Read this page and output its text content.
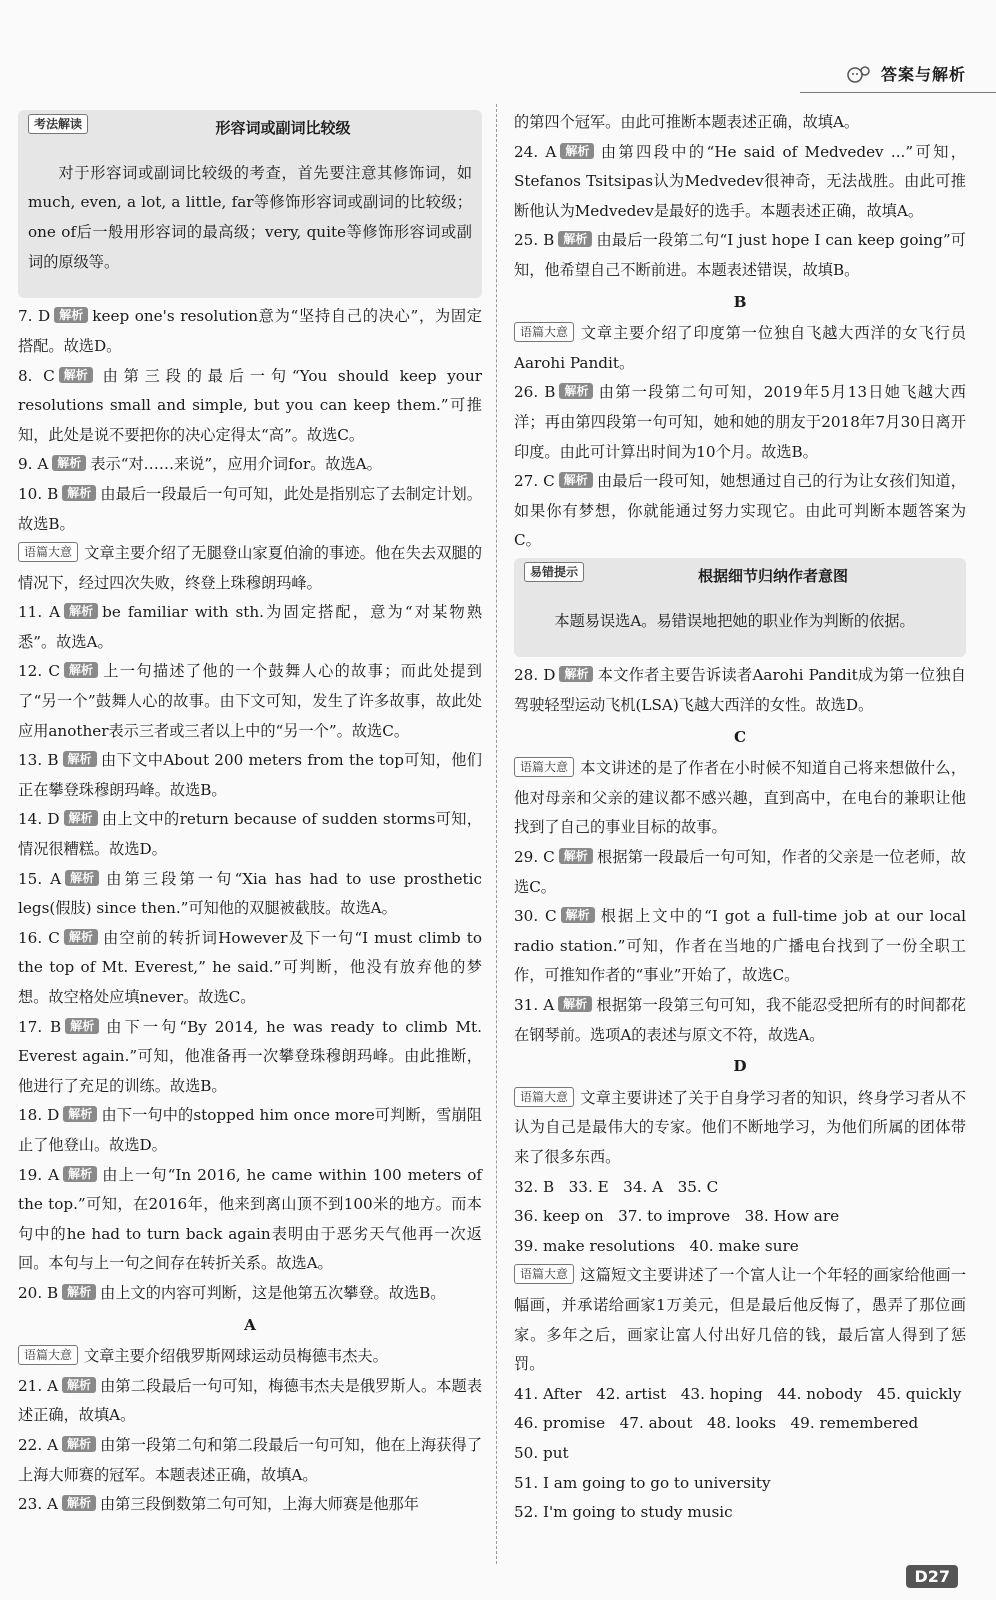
答案与解析
考法解读	形容词或副词比较级

对于形容词或副词比较级的考查，首先要注意其修饰词，如much, even, a lot, a little, far等修饰形容词或副词的比较级；one of后一般用形容词的最高级；very, quite等修饰形容词或副词的原级等。

7. D 解析 keep one's resolution意为“坚持自己的决心”，为固定搭配。故选D。

8. C 解析 由第三段的最后一句“You should keep your resolutions small and simple, but you can keep them.”可推知，此处是说不要把你的决心定得太“高”。故选C。

9. A 解析 表示“对……来说”，应用介词for。故选A。

10. B 解析 由最后一段最后一句可知，此处是指别忘了去制定计划。故选B。

语篇大意 文章主要介绍了无腿登山家夏伯渝的事迹。他在失去双腿的情况下，经过四次失败，终登上珠穆朗玛峰。

11. A 解析 be familiar with sth.为固定搭配，意为“对某物熟悉”。故选A。

12. C 解析 上一句描述了他的一个鼓舞人心的故事；而此处提到了“另一个”鼓舞人心的故事。由下文可知，发生了许多故事，故此处应用another表示三者或三者以上中的“另一个”。故选C。

13. B 解析 由下文中About 200 meters from the top可知，他们正在攀登珠穆朗玛峰。故选B。

14. D 解析 由上文中的return because of sudden storms可知，情况很糟糕。故选D。

15. A 解析 由第三段第一句“Xia has had to use prosthetic legs(假肢) since then.”可知他的双腿被截肢。故选A。

16. C 解析 由空前的转折词However及下一句“I must climb to the top of Mt. Everest,” he said.”可判断，他没有放弃他的梦想。故空格处应填never。故选C。

17. B 解析 由下一句“By 2014, he was ready to climb Mt. Everest again.”可知，他准备再一次攀登珠穆朗玛峰。由此推断，他进行了充足的训练。故选B。

18. D 解析 由下一句中的stopped him once more可判断，雪崩阻止了他登山。故选D。

19. A 解析 由上一句“In 2016, he came within 100 meters of the top.”可知，在2016年，他来到离山顶不到100米的地方。而本句中的he had to turn back again表明由于恶劣天气他再一次返回。本句与上一句之间存在转折关系。故选A。

20. B 解析 由上文的内容可判断，这是他第五次攀登。故选B。

A

语篇大意 文章主要介绍俄罗斯网球运动员梅德韦杰夫。

21. A 解析 由第二段最后一句可知，梅德韦杰夫是俄罗斯人。本题表述正确，故填A。

22. A 解析 由第一段第二句和第二段最后一句可知，他在上海获得了上海大师赛的冠军。本题表述正确，故填A。

23. A 解析 由第三段倒数第二句可知，上海大师赛是他那年

的第四个冠军。由此可推断本题表述正确，故填A。

24. A 解析 由第四段中的“He said of Medvedev ...”可知，Stefanos Tsitsipas认为Medvedev很神奇，无法战胜。由此可推断他认为Medvedev是最好的选手。本题表述正确，故填A。

25. B 解析 由最后一段第二句“I just hope I can keep going”可知，他希望自己不断前进。本题表述错误，故填B。

B

语篇大意 文章主要介绍了印度第一位独自飞越大西洋的女飞行员Aarohi Pandit。

26. B 解析 由第一段第二句可知，2019年5月13日她飞越大西洋；再由第四段第一句可知，她和她的朋友于2018年7月30日离开印度。由此可计算出时间为10个月。故选B。

27. C 解析 由最后一段可知，她想通过自己的行为让女孩们知道，如果你有梦想，你就能通过努力实现它。由此可判断本题答案为C。

易错提示	根据细节归纳作者意图

本题易误选A。易错误地把她的职业作为判断的依据。

28. D 解析 本文作者主要告诉读者Aarohi Pandit成为第一位独自驾驶轻型运动飞机(LSA)飞越大西洋的女性。故选D。

C

语篇大意 本文讲述的是了作者在小时候不知道自己将来想做什么，他对母亲和父亲的建议都不感兴趣，直到高中，在电台的兼职让他找到了自己的事业目标的故事。

29. C 解析 根据第一段最后一句可知，作者的父亲是一位老师，故选C。

30. C 解析 根据上文中的“I got a full-time job at our local radio station.”可知，作者在当地的广播电台找到了一份全职工作，可推知作者的“事业”开始了，故选C。

31. A 解析 根据第一段第三句可知，我不能忍受把所有的时间都花在钢琴前。选项A的表述与原文不符，故选A。

D

语篇大意 文章主要讲述了关于自身学习者的知识，终身学习者从不认为自己是最伟大的专家。他们不断地学习，为他们所属的团体带来了很多东西。

32. B   33. E   34. A   35. C

36. keep on   37. to improve   38. How are

39. make resolutions   40. make sure

语篇大意 这篇短文主要讲述了一个富人让一个年轻的画家给他画一幅画，并承诺给画家1万美元，但是最后他反悔了，愚弄了那位画家。多年之后，画家让富人付出好几倍的钱，最后富人得到了惩罚。

41. After   42. artist   43. hoping   44. nobody   45. quickly

46. promise   47. about   48. looks   49. remembered

50. put

51. I am going to go to university

52. I'm going to study music

D27
